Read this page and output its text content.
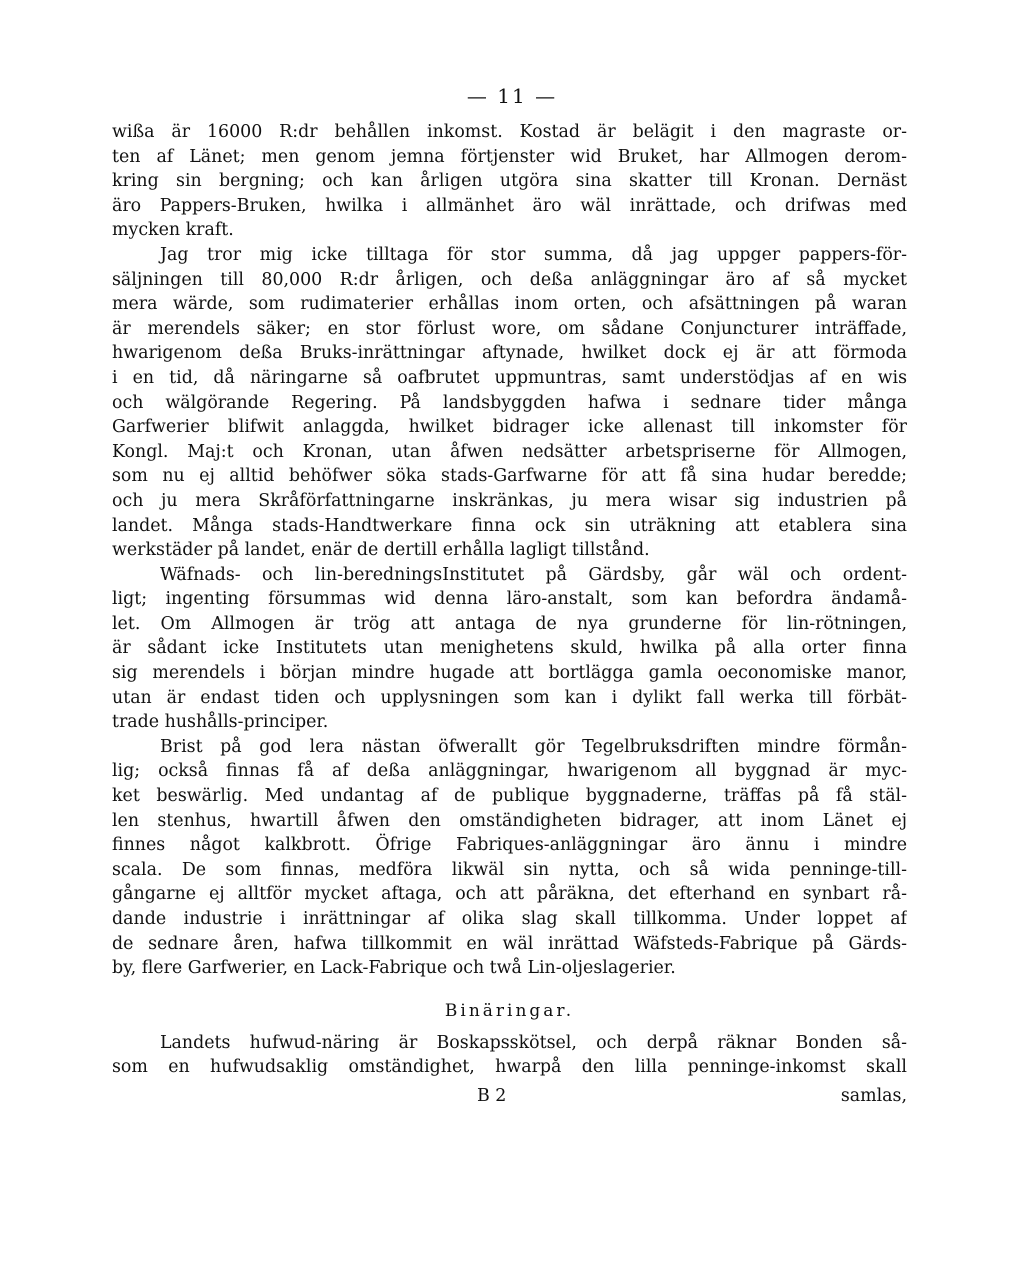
— 11 —
wißa är 16000 R:dr behållen inkomst. Kostad är belägit i den magraste or-
ten af Länet; men genom jemna förtjenster wid Bruket, har Allmogen derom-
kring sin bergning; och kan årligen utgöra sina skatter till Kronan. Dernäst
äro Pappers-Bruken, hwilka i allmänhet äro wäl inrättade, och drifwas med
mycken kraft.
Jag tror mig icke tilltaga för stor summa, då jag uppger pappers-för-
säljningen till 80,000 R:dr årligen, och deßa anläggningar äro af så mycket
mera wärde, som rudimaterier erhållas inom orten, och afsättningen på waran
är merendels säker; en stor förlust wore, om sådane Conjuncturer inträffade,
hwarigenom deßa Bruks-inrättningar aftynade, hwilket dock ej är att förmoda
i en tid, då näringarne så oafbrutet uppmuntras, samt understödjas af en wis
och wälgörande Regering. På landsbyggden hafwa i sednare tider många
Garfwerier blifwit anlaggda, hwilket bidrager icke allenast till inkomster för
Kongl. Maj:t och Kronan, utan åfwen nedsätter arbetspriserne för Allmogen,
som nu ej alltid behöfwer söka stads-Garfwarne för att få sina hudar beredde;
och ju mera Skråförfattningarne inskränkas, ju mera wisar sig industrien på
landet. Många stads-Handtwerkare finna ock sin uträkning att etablera sina
werkstäder på landet, enär de dertill erhålla lagligt tillstånd.
Wäfnads- och lin-beredningsInstitutet på Gärdsby, går wäl och ordent-
ligt; ingenting försummas wid denna läro-anstalt, som kan befordra ändamå-
let. Om Allmogen är trög att antaga de nya grunderne för lin-rötningen,
är sådant icke Institutets utan menighetens skuld, hwilka på alla orter finna
sig merendels i början mindre hugade att bortlägga gamla oeconomiske manor,
utan är endast tiden och upplysningen som kan i dylikt fall werka till förbät-
trade hushålls-principer.
Brist på god lera nästan öfwerallt gör Tegelbruksdriften mindre förmån-
lig; också finnas få af deßa anläggningar, hwarigenom all byggnad är myc-
ket beswärlig. Med undantag af de publique byggnaderne, träffas på få stäl-
len stenhus, hwartill åfwen den omständigheten bidrager, att inom Länet ej
finnes något kalkbrott. Öfrige Fabriques-anläggningar äro ännu i mindre
scala. De som finnas, medföra likwäl sin nytta, och så wida penninge-till-
gångarne ej alltför mycket aftaga, och att påräkna, det efterhand en synbart rå-
dande industrie i inrättningar af olika slag skall tillkomma. Under loppet af
de sednare åren, hafwa tillkommit en wäl inrättad Wäfsteds-Fabrique på Gärds-
by, flere Garfwerier, en Lack-Fabrique och twå Lin-oljeslagerier.
Binäringar.
Landets hufwud-näring är Boskapsskötsel, och derpå räknar Bonden så-
som en hufwudsaklig omständighet, hwarpå den lilla penninge-inkomst skall
B 2	samlas,
